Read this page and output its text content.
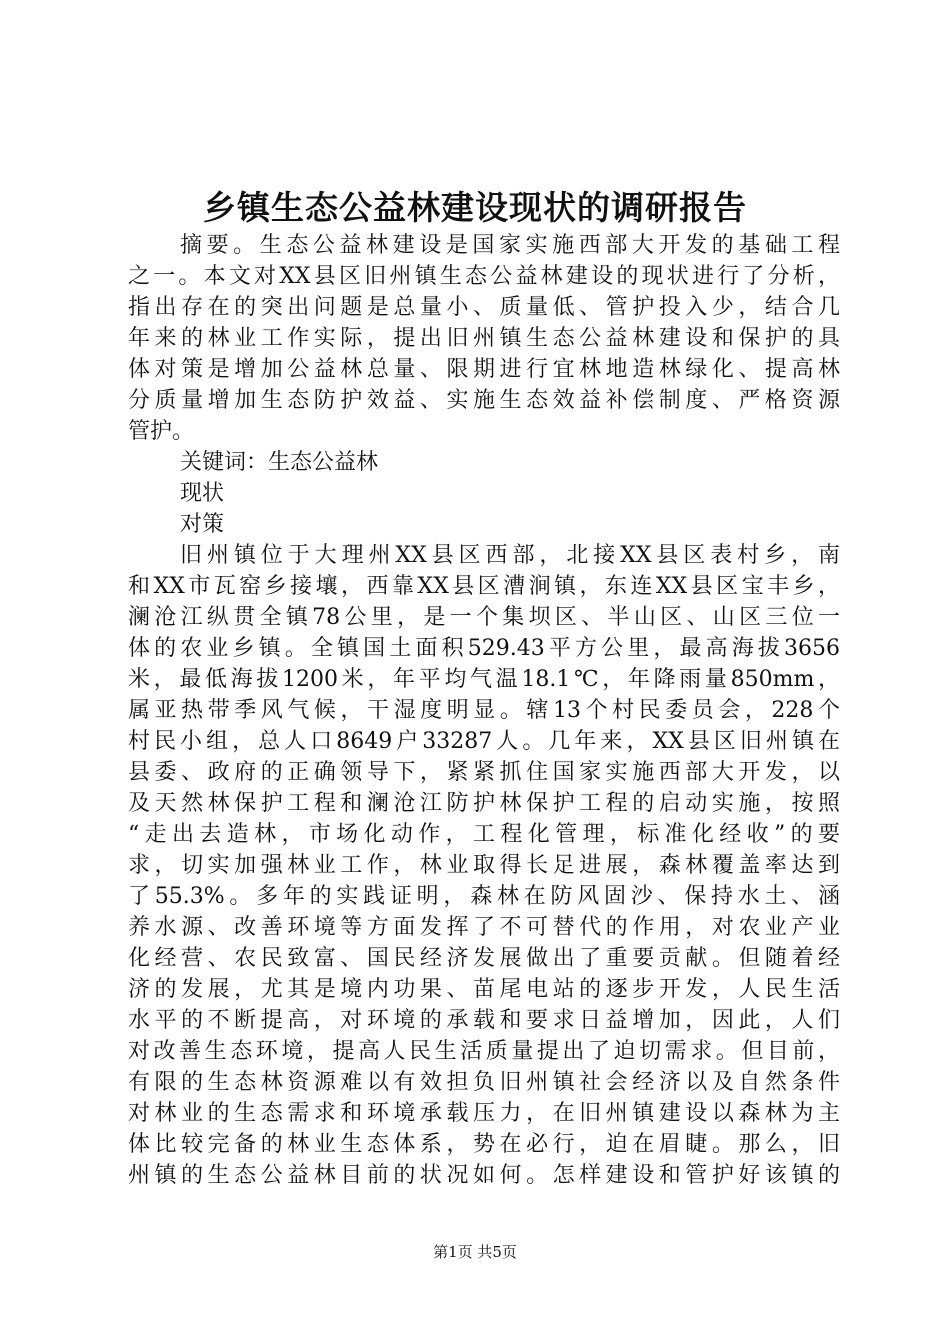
乡镇生态公益林建设现状的调研报告
摘要。生态公益林建设是国家实施西部大开发的基础工程
之一。本文对XX县区旧州镇生态公益林建设的现状进行了分析，
指出存在的突出问题是总量小、质量低、管护投入少，结合几
年来的林业工作实际，提出旧州镇生态公益林建设和保护的具
体对策是增加公益林总量、限期进行宜林地造林绿化、提高林
分质量增加生态防护效益、实施生态效益补偿制度、严格资源
管护。
关键词：生态公益林
现状
对策
旧州镇位于大理州XX县区西部，北接XX县区表村乡，南
和XX市瓦窑乡接壤，西靠XX县区漕涧镇，东连XX县区宝丰乡，
澜沧江纵贯全镇78公里，是一个集坝区、半山区、山区三位一
体的农业乡镇。全镇国土面积529.43平方公里，最高海拔3656
米，最低海拔1200米，年平均气温18.1℃，年降雨量850mm，
属亚热带季风气候，干湿度明显。辖13个村民委员会，228个
村民小组，总人口8649户33287人。几年来，XX县区旧州镇在
县委、政府的正确领导下，紧紧抓住国家实施西部大开发，以
及天然林保护工程和澜沧江防护林保护工程的启动实施，按照
“走出去造林，市场化动作，工程化管理，标准化经收”的要
求，切实加强林业工作，林业取得长足进展，森林覆盖率达到
了55.3%。多年的实践证明，森林在防风固沙、保持水土、涵
养水源、改善环境等方面发挥了不可替代的作用，对农业产业
化经营、农民致富、国民经济发展做出了重要贡献。但随着经
济的发展，尤其是境内功果、苗尾电站的逐步开发，人民生活
水平的不断提高，对环境的承载和要求日益增加，因此，人们
对改善生态环境，提高人民生活质量提出了迫切需求。但目前，
有限的生态林资源难以有效担负旧州镇社会经济以及自然条件
对林业的生态需求和环境承载压力，在旧州镇建设以森林为主
体比较完备的林业生态体系，势在必行，迫在眉睫。那么，旧
州镇的生态公益林目前的状况如何。怎样建设和管护好该镇的
第1页 共5页
